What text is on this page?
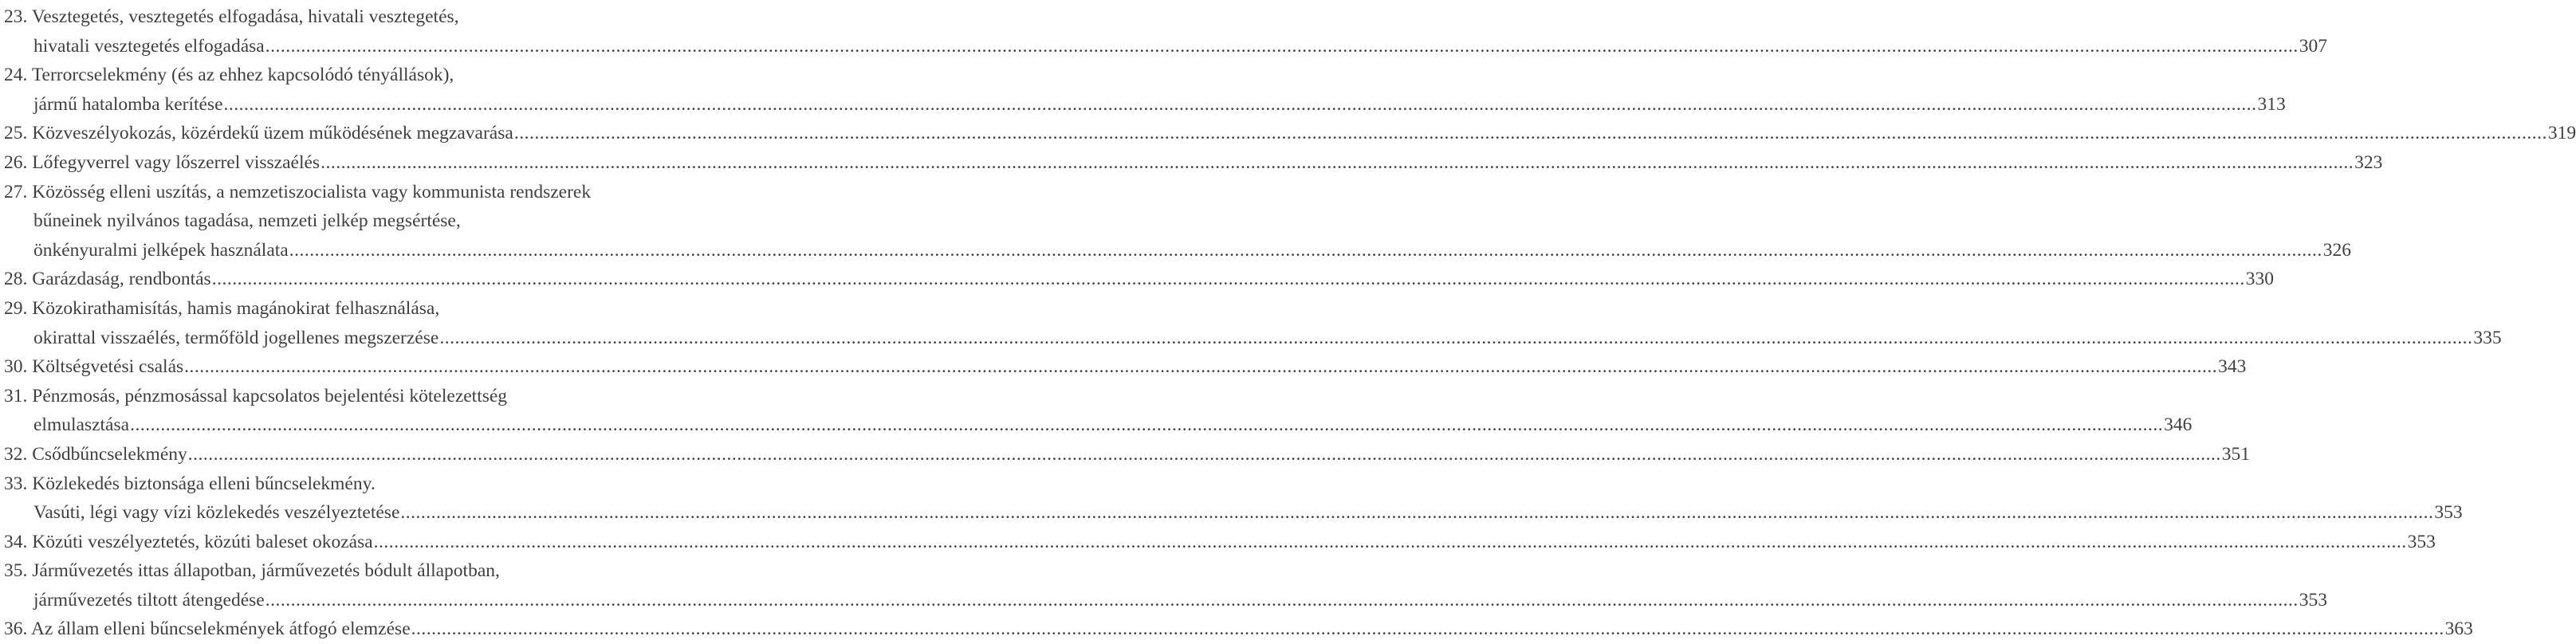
23. Vesztegetés, vesztegetés elfogadása, hivatali vesztegetés,
hivatali vesztegetés elfogadása ................................................................................................................................................................................................................................................................................................................................................................................................................ 307
24. Terrorcselekmény (és az ehhez kapcsolódó tényállások),
jármű hatalomba kerítése ................................................................................................................................................................................................................................................................................................................................................................................................................ 313
25. Közveszélyokozás, közérdekű üzem működésének megzavarása ................................................................................................................................................................................................................................................................................................................................................................................................................ 319
26. Lőfegyverrel vagy lőszerrel visszaélés ................................................................................................................................................................................................................................................................................................................................................................................................................ 323
27. Közösség elleni uszítás, a nemzetiszocialista vagy kommunista rendszerek
bűneinek nyilvános tagadása, nemzeti jelkép megsértése,
önkényuralmi jelképek használata ................................................................................................................................................................................................................................................................................................................................................................................................................ 326
28. Garázdaság, rendbontás ................................................................................................................................................................................................................................................................................................................................................................................................................ 330
29. Közokirathamisítás, hamis magánokirat felhasználása,
okirattal visszaélés, termőföld jogellenes megszerzése ................................................................................................................................................................................................................................................................................................................................................................................................................ 335
30. Költségvetési csalás ................................................................................................................................................................................................................................................................................................................................................................................................................ 343
31. Pénzmosás, pénzmosással kapcsolatos bejelentési kötelezettség
elmulasztása ................................................................................................................................................................................................................................................................................................................................................................................................................ 346
32. Csődbűncselekmény ................................................................................................................................................................................................................................................................................................................................................................................................................ 351
33. Közlekedés biztonsága elleni bűncselekmény.
Vasúti, légi vagy vízi közlekedés veszélyeztetése ................................................................................................................................................................................................................................................................................................................................................................................................................ 353
34. Közúti veszélyeztetés, közúti baleset okozása ................................................................................................................................................................................................................................................................................................................................................................................................................ 353
35. Járművezetés ittas állapotban, járművezetés bódult állapotban,
járművezetés tiltott átengedése ................................................................................................................................................................................................................................................................................................................................................................................................................ 353
36. Az állam elleni bűncselekmények átfogó elemzése ................................................................................................................................................................................................................................................................................................................................................................................................................ 363
